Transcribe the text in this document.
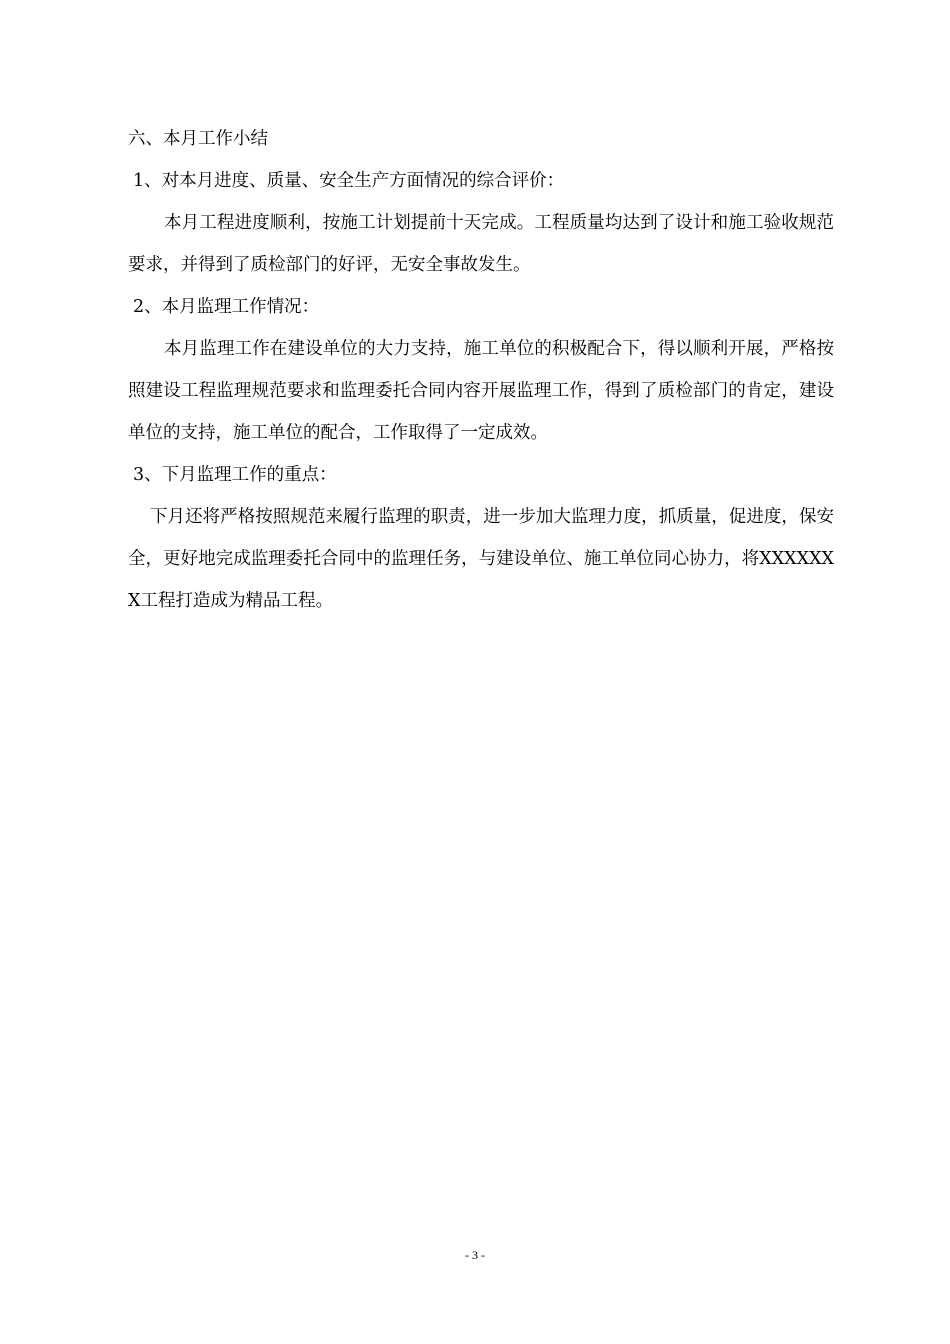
六、本月工作小结
1、对本月进度、质量、安全生产方面情况的综合评价：
本月工程进度顺利，按施工计划提前十天完成。工程质量均达到了设计和施工验收规范要求，并得到了质检部门的好评，无安全事故发生。
2、本月监理工作情况：
本月监理工作在建设单位的大力支持，施工单位的积极配合下，得以顺利开展，严格按照建设工程监理规范要求和监理委托合同内容开展监理工作，得到了质检部门的肯定，建设单位的支持，施工单位的配合，工作取得了一定成效。
3、下月监理工作的重点：
下月还将严格按照规范来履行监理的职责，进一步加大监理力度，抓质量，促进度，保安全，更好地完成监理委托合同中的监理任务，与建设单位、施工单位同心协力，将XXXXXXX工程打造成为精品工程。
- 3 -
